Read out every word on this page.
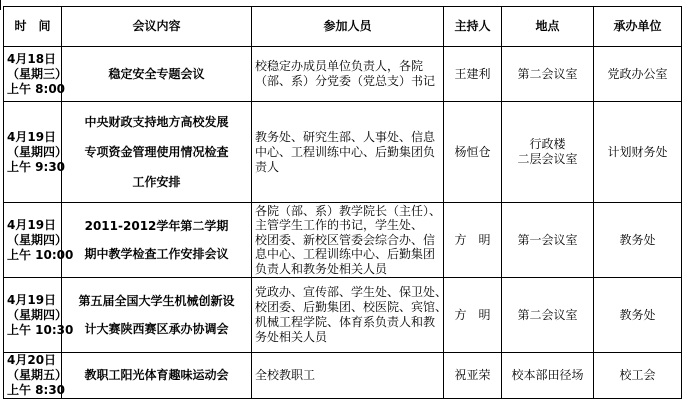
时　间	会议内容	参加人员	主持人	地点	承办单位

4月18日
（星期三）
上午 8:00	稳定安全专题会议	校稳定办成员单位负责人，各院
（部、系）分党委（党总支）书记	王建利	第二会议室	党政办公室

4月19日
（星期四）
上午 9:30	中央财政支持地方高校发展
专项资金管理使用情况检查
工作安排	教务处、研究生部、人事处、信息
中心、工程训练中心、后勤集团负
责人	杨恒仓	行政楼
二层会议室	计划财务处

4月19日
（星期四）
上午 10:00	2011-2012学年第二学期
期中教学检查工作安排会议	各院（部、系）教学院长（主任）、
主管学生工作的书记，学生处、
校团委、新校区管委会综合办、信
息中心、工程训练中心、后勤集团
负责人和教务处相关人员	方　明	第一会议室	教务处

4月19日
（星期四）
上午 10:30	第五届全国大学生机械创新设
计大赛陕西赛区承办协调会	党政办、宣传部、学生处、保卫处、
校团委、后勤集团、校医院、宾馆、
机械工程学院、体育系负责人和教
务处相关人员	方　明	第二会议室	教务处

4月20日
（星期五）
上午 8:30	教职工阳光体育趣味运动会	全校教职工	祝亚荣	校本部田径场	校工会
